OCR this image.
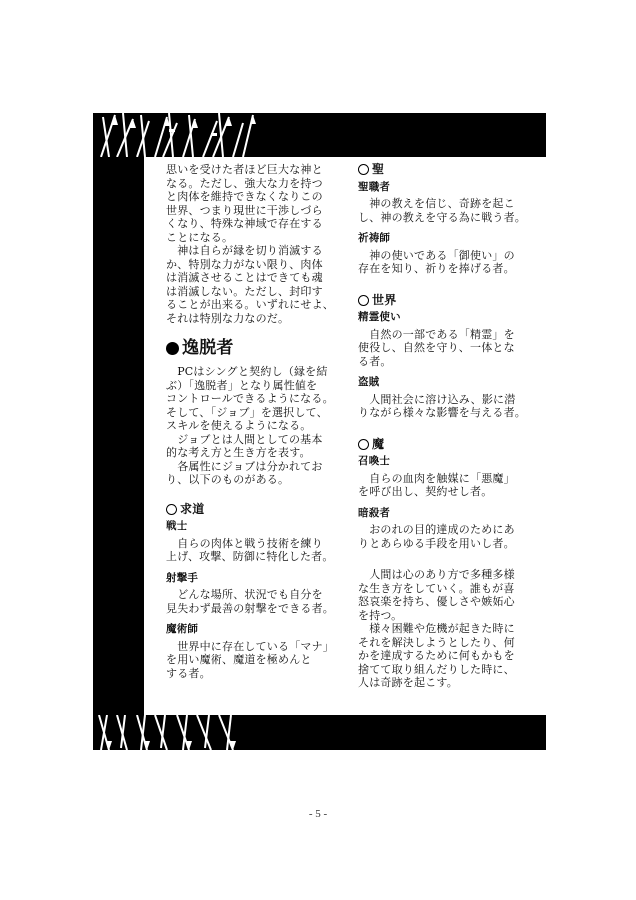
思いを受けた者ほど巨大な神と
なる。ただし、強大な力を持つ
と肉体を維持できなくなりこの
世界、つまり現世に干渉しづら
くなり、特殊な神域で存在する
ことになる。

　神は自らが縁を切り消滅する
か、特別な力がない限り、肉体
は消滅させることはできても魂
は消滅しない。ただし、封印す
ることが出来る。いずれにせよ、
それは特別な力なのだ。

逸脱者

　PCはシングと契約し（縁を結
ぶ）「逸脱者」となり属性値を
コントロールできるようになる。
そして、「ジョブ」を選択して、
スキルを使えるようになる。

　ジョブとは人間としての基本
的な考え方と生き方を表す。

　各属性にジョブは分かれてお
り、以下のものがある。

求道
戦士

　自らの肉体と戦う技術を練り
上げ、攻撃、防御に特化した者。

射撃手

　どんな場所、状況でも自分を
見失わず最善の射撃をできる者。

魔術師

　世界中に存在している「マナ」
を用い魔術、魔道を極めんと
する者。

聖
聖職者

　神の教えを信じ、奇跡を起こ
し、神の教えを守る為に戦う者。

祈祷師

　神の使いである「御使い」の
存在を知り、祈りを捧げる者。

世界
精霊使い

　自然の一部である「精霊」を
使役し、自然を守り、一体とな
る者。

盗賊

　人間社会に溶け込み、影に潜
りながら様々な影響を与える者。

魔
召喚士

　自らの血肉を触媒に「悪魔」
を呼び出し、契約せし者。

暗殺者

　おのれの目的達成のためにあ
りとあらゆる手段を用いし者。

　人間は心のあり方で多種多様
な生き方をしていく。誰もが喜
怒哀楽を持ち、優しさや嫉妬心
を持つ。

　様々困難や危機が起きた時に
それを解決しようとしたり、何
かを達成するために何もかもを
捨てて取り組んだりした時に、
人は奇跡を起こす。

- 5 -
